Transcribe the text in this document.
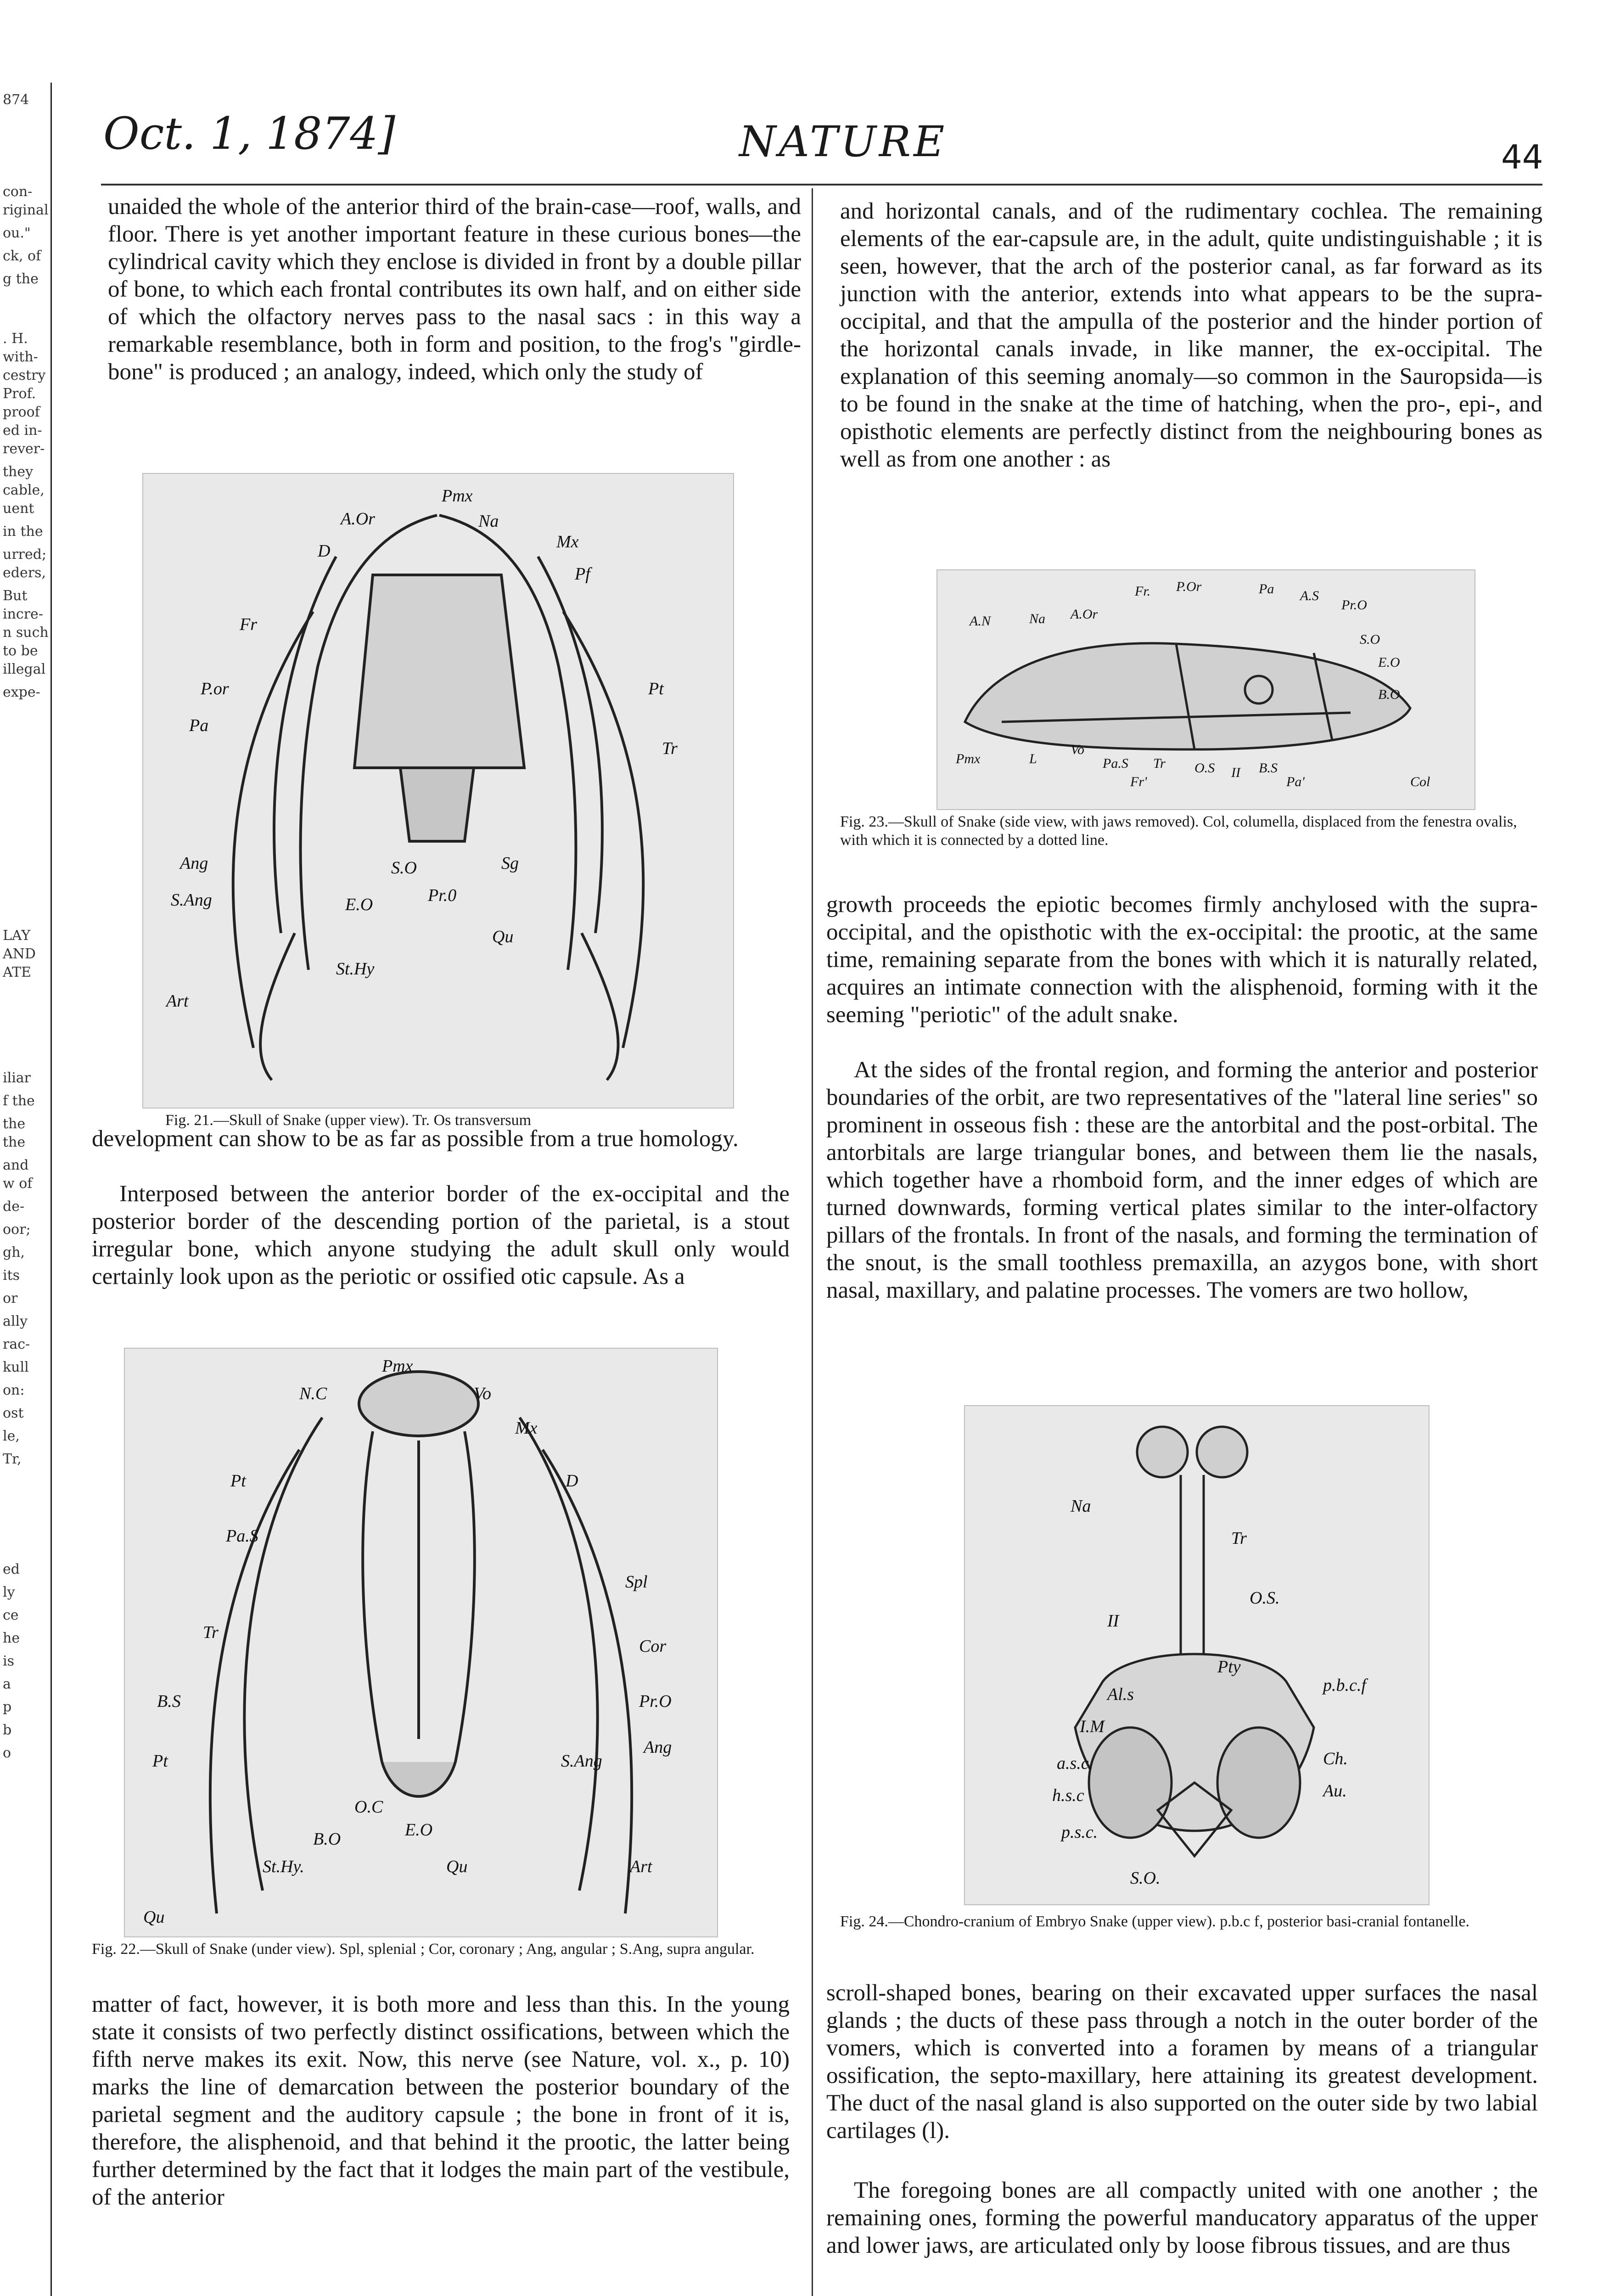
874
con-
riginal
ou."
ck, of
g the
. H.
with-
cestry
Prof.
proof
ed in-
rever-
they
cable,
uent
in the
urred;
eders,
But
incre-
n such
to be
illegal
expe-
LAY
AND
ATE
iliar
f the
the
the
and
w of
de-
oor;
gh,
its
or
ally
rac-
kull
on:
ost
le,
Tr,
ed
ly
ce
he
is
a
p
b
o
Oct. 1, 1874]	NATURE	44

unaided the whole of the anterior third of the brain-case—roof, walls, and floor. There is yet another important feature in these curious bones—the cylindrical cavity which they enclose is divided in front by a double pillar of bone, to which each frontal contributes its own half, and on either side of which the olfactory nerves pass to the nasal sacs : in this way a remarkable resemblance, both in form and position, to the frog's "girdle-bone" is produced ; an analogy, indeed, which only the study of

Pmx
A.Or	Na
D	Mx
Pf
Fr
P.or	Pt
Pa
Tr
Ang	S.O	Sg
S.Ang	Pr.0
E.O
Qu
St.Hy
Art

Fig. 21.—Skull of Snake (upper view). Tr. Os transversum

development can show to be as far as possible from a true homology.

Interposed between the anterior border of the ex-occipital and the posterior border of the descending portion of the parietal, is a stout irregular bone, which anyone studying the adult skull only would certainly look upon as the periotic or ossified otic capsule. As a

Pmx
N.C	Vo
Mx
Pt	D
Pa.S
Spl
Tr
Cor
B.S	Pr.O
Pt
Ang
O.C
S.Ang
B.O	E.O
St.Hy.	Qu	Art
Qu

Fig. 22.—Skull of Snake (under view). Spl, splenial ; Cor, coronary ; Ang, angular ; S.Ang, supra angular.

matter of fact, however, it is both more and less than this. In the young state it consists of two perfectly distinct ossifications, between which the fifth nerve makes its exit. Now, this nerve (see Nature, vol. x., p. 10) marks the line of demarcation between the posterior boundary of the parietal segment and the auditory capsule ; the bone in front of it is, therefore, the alisphenoid, and that behind it the prootic, the latter being further determined by the fact that it lodges the main part of the vestibule, of the anterior

and horizontal canals, and of the rudimentary cochlea. The remaining elements of the ear-capsule are, in the adult, quite undistinguishable ; it is seen, however, that the arch of the posterior canal, as far forward as its junction with the anterior, extends into what appears to be the supra-occipital, and that the ampulla of the posterior and the hinder portion of the horizontal canals invade, in like manner, the ex-occipital. The explanation of this seeming anomaly—so common in the Sauropsida—is to be found in the snake at the time of hatching, when the pro-, epi-, and opisthotic elements are perfectly distinct from the neighbouring bones as well as from one another : as

Fr. P.Or	Pa A.S
Pr.O
A.N	Na A.Or
S.O
E.O
B.O
Pmx	L
Vo
Pa.S Tr O.S II B.S
Pa'
Fr'	Col

Fig. 23.—Skull of Snake (side view, with jaws removed). Col, columella, displaced from the fenestra ovalis, with which it is connected by a dotted line.

growth proceeds the epiotic becomes firmly anchylosed with the supra-occipital, and the opisthotic with the ex-occipital: the prootic, at the same time, remaining separate from the bones with which it is naturally related, acquires an intimate connection with the alisphenoid, forming with it the seeming "periotic" of the adult snake.

At the sides of the frontal region, and forming the anterior and posterior boundaries of the orbit, are two representatives of the "lateral line series" so prominent in osseous fish : these are the antorbital and the post-orbital. The antorbitals are large triangular bones, and between them lie the nasals, which together have a rhomboid form, and the inner edges of which are turned downwards, forming vertical plates similar to the inter-olfactory pillars of the frontals. In front of the nasals, and forming the termination of the snout, is the small toothless premaxilla, an azygos bone, with short nasal, maxillary, and palatine processes. The vomers are two hollow,

Na
Tr
O.S.
II
Pty
Al.s	p.b.c.f
I.M
Ch.
a.s.c.
Au.
h.s.c
p.s.c.
S.O.

Fig. 24.—Chondro-cranium of Embryo Snake (upper view). p.b.c f, posterior basi-cranial fontanelle.

scroll-shaped bones, bearing on their excavated upper surfaces the nasal glands ; the ducts of these pass through a notch in the outer border of the vomers, which is converted into a foramen by means of a triangular ossification, the septo-maxillary, here attaining its greatest development. The duct of the nasal gland is also supported on the outer side by two labial cartilages (l).

The foregoing bones are all compactly united with one another ; the remaining ones, forming the powerful manducatory apparatus of the upper and lower jaws, are articulated only by loose fibrous tissues, and are thus
